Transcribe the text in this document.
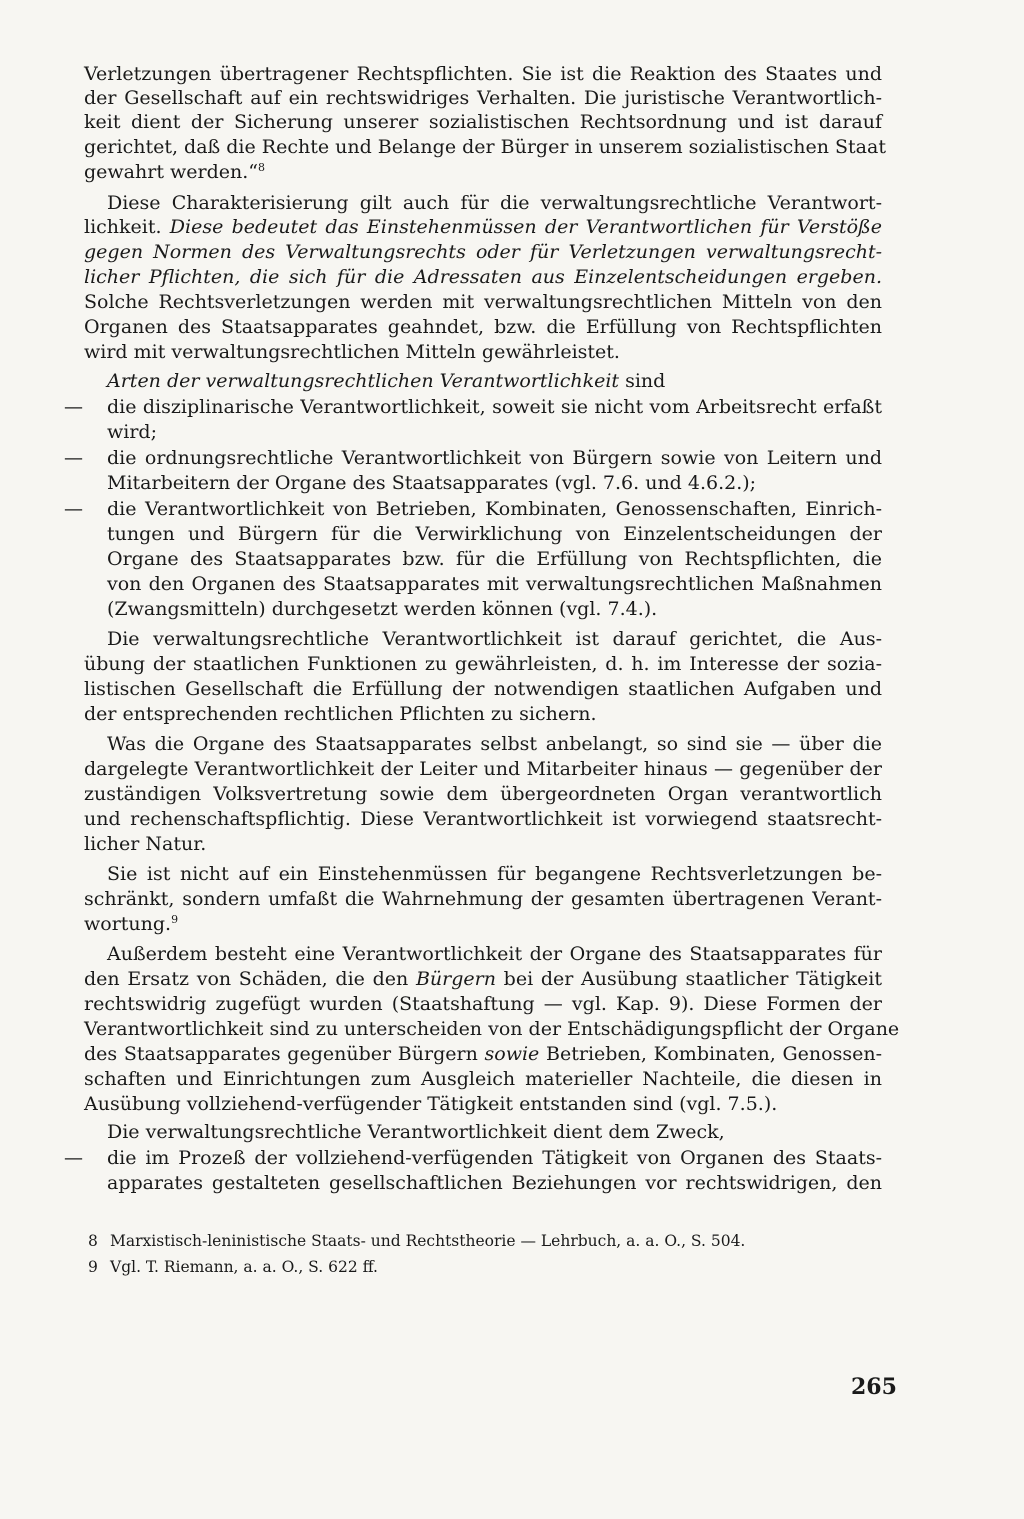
Verletzungen übertragener Rechtspflichten. Sie ist die Reaktion des Staates und
der Gesellschaft auf ein rechtswidriges Verhalten. Die juristische Verantwortlich-
keit dient der Sicherung unserer sozialistischen Rechtsordnung und ist darauf
gerichtet, daß die Rechte und Belange der Bürger in unserem sozialistischen Staat
gewahrt werden.“$^8$
Diese Charakterisierung gilt auch für die verwaltungsrechtliche Verantwort-
lichkeit. Diese bedeutet das Einstehenmüssen der Verantwortlichen für Verstöße
gegen Normen des Verwaltungsrechts oder für Verletzungen verwaltungsrecht-
licher Pflichten, die sich für die Adressaten aus Einzelentscheidungen ergeben.
Solche Rechtsverletzungen werden mit verwaltungsrechtlichen Mitteln von den
Organen des Staatsapparates geahndet, bzw. die Erfüllung von Rechtspflichten
wird mit verwaltungsrechtlichen Mitteln gewährleistet.
Arten der verwaltungsrechtlichen Verantwortlichkeit sind
— die disziplinarische Verantwortlichkeit, soweit sie nicht vom Arbeitsrecht erfaßt
wird;
— die ordnungsrechtliche Verantwortlichkeit von Bürgern sowie von Leitern und
Mitarbeitern der Organe des Staatsapparates (vgl. 7.6. und 4.6.2.);
— die Verantwortlichkeit von Betrieben, Kombinaten, Genossenschaften, Einrich-
tungen und Bürgern für die Verwirklichung von Einzelentscheidungen der
Organe des Staatsapparates bzw. für die Erfüllung von Rechtspflichten, die
von den Organen des Staatsapparates mit verwaltungsrechtlichen Maßnahmen
(Zwangsmitteln) durchgesetzt werden können (vgl. 7.4.).
Die verwaltungsrechtliche Verantwortlichkeit ist darauf gerichtet, die Aus-
übung der staatlichen Funktionen zu gewährleisten, d. h. im Interesse der sozia-
listischen Gesellschaft die Erfüllung der notwendigen staatlichen Aufgaben und
der entsprechenden rechtlichen Pflichten zu sichern.
Was die Organe des Staatsapparates selbst anbelangt, so sind sie — über die
dargelegte Verantwortlichkeit der Leiter und Mitarbeiter hinaus — gegenüber der
zuständigen Volksvertretung sowie dem übergeordneten Organ verantwortlich
und rechenschaftspflichtig. Diese Verantwortlichkeit ist vorwiegend staatsrecht-
licher Natur.
Sie ist nicht auf ein Einstehenmüssen für begangene Rechtsverletzungen be-
schränkt, sondern umfaßt die Wahrnehmung der gesamten übertragenen Verant-
wortung.$^9$
Außerdem besteht eine Verantwortlichkeit der Organe des Staatsapparates für
den Ersatz von Schäden, die den Bürgern bei der Ausübung staatlicher Tätigkeit
rechtswidrig zugefügt wurden (Staatshaftung — vgl. Kap. 9). Diese Formen der
Verantwortlichkeit sind zu unterscheiden von der Entschädigungspflicht der Organe
des Staatsapparates gegenüber Bürgern sowie Betrieben, Kombinaten, Genossen-
schaften und Einrichtungen zum Ausgleich materieller Nachteile, die diesen in
Ausübung vollziehend-verfügender Tätigkeit entstanden sind (vgl. 7.5.).
Die verwaltungsrechtliche Verantwortlichkeit dient dem Zweck,
— die im Prozeß der vollziehend-verfügenden Tätigkeit von Organen des Staats-
apparates gestalteten gesellschaftlichen Beziehungen vor rechtswidrigen, den
8 Marxistisch-leninistische Staats- und Rechtstheorie — Lehrbuch, a. a. O., S. 504.
9 Vgl. T. Riemann, a. a. O., S. 622 ff.
265
